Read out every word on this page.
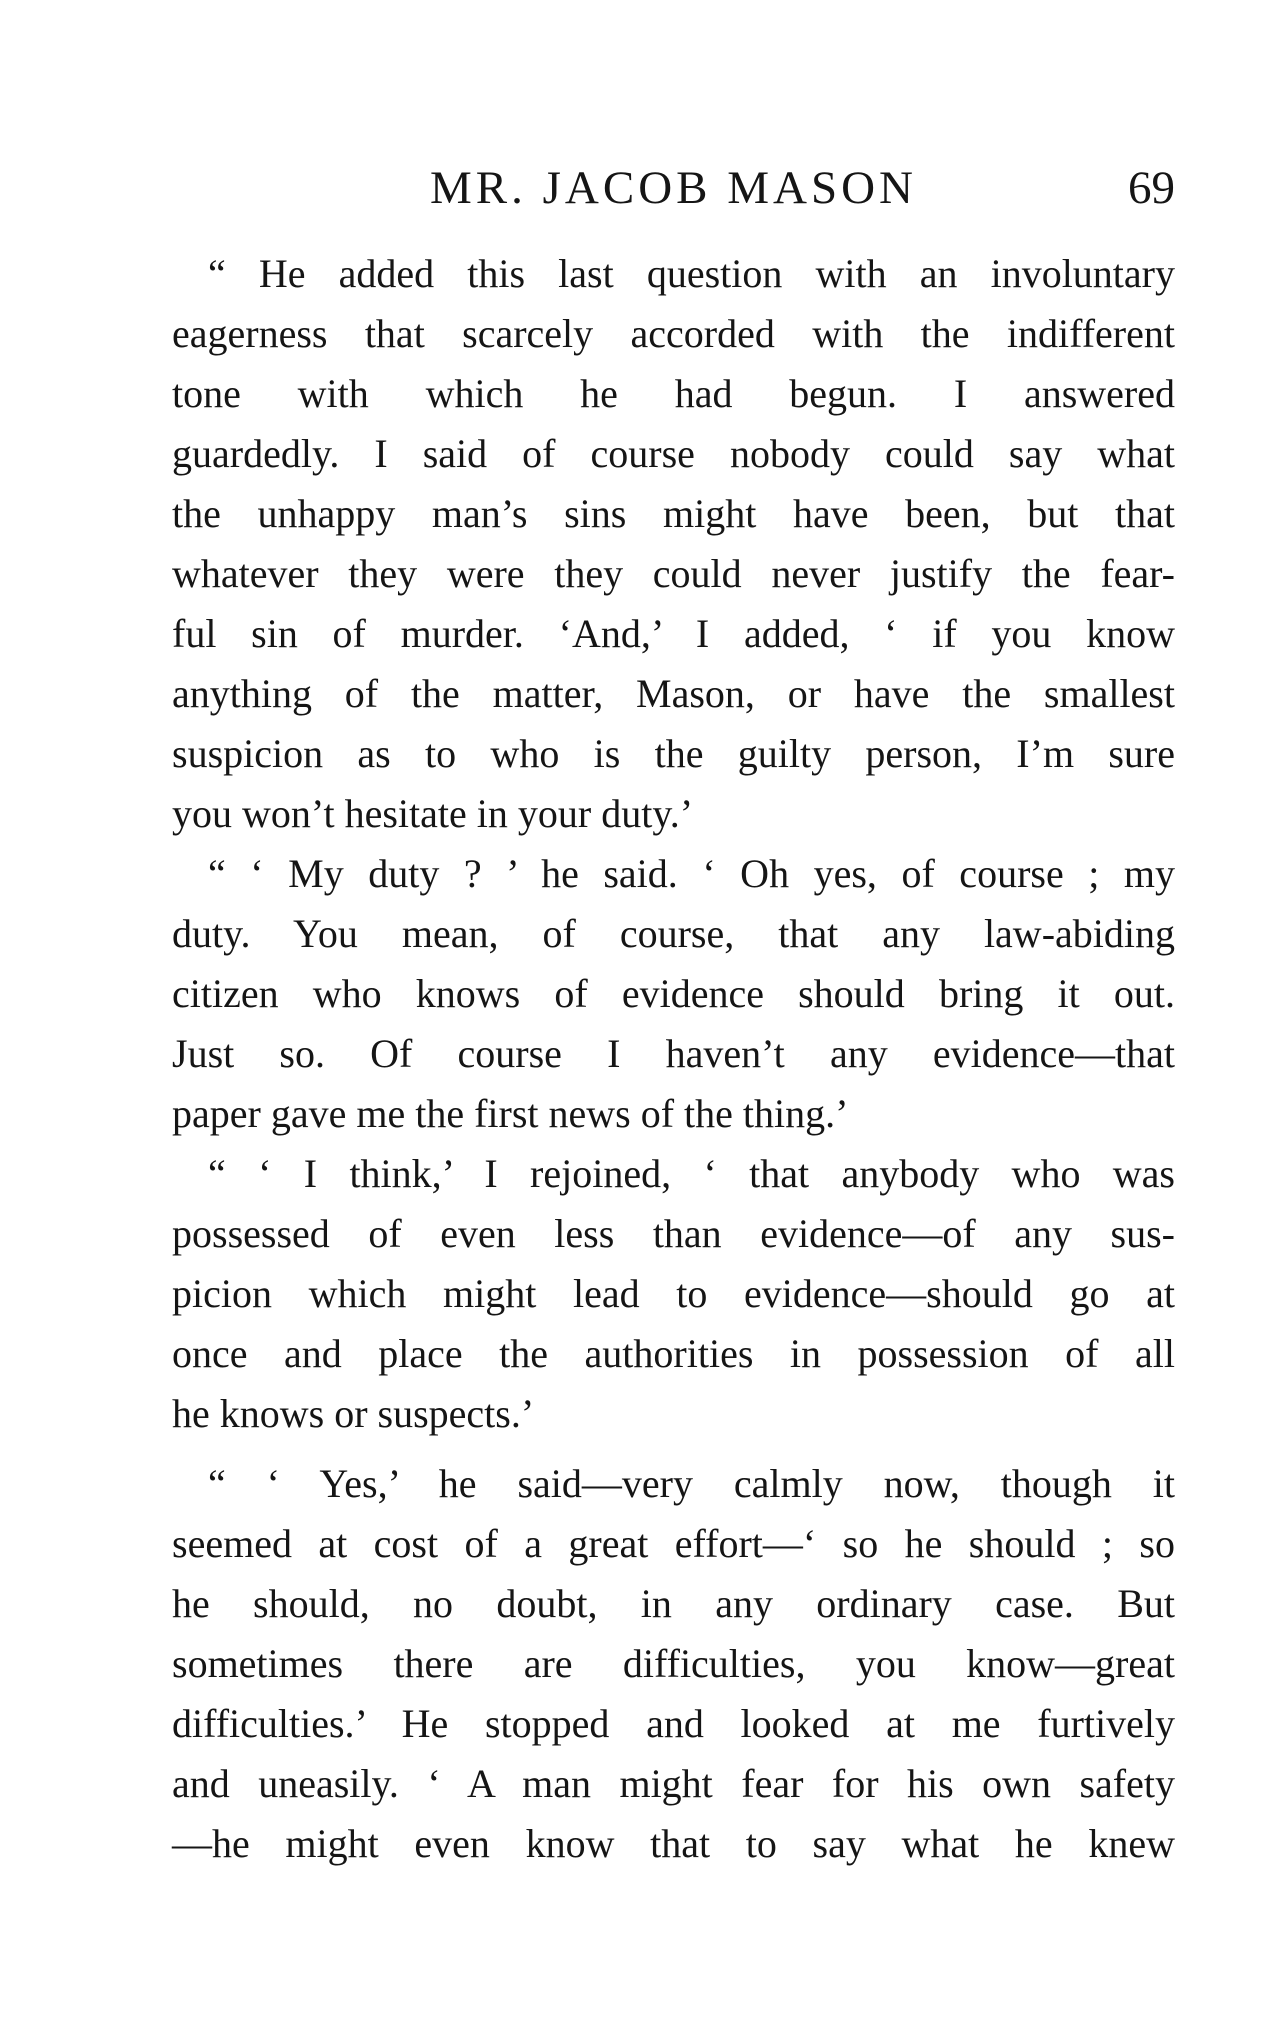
MR. JACOB MASON	69
“ He added this last question with an involuntary
eagerness that scarcely accorded with the indifferent
tone with which he had begun. I answered
guardedly. I said of course nobody could say what
the unhappy man’s sins might have been, but that
whatever they were they could never justify the fear-
ful sin of murder. ‘And,’ I added, ‘ if you know
anything of the matter, Mason, or have the smallest
suspicion as to who is the guilty person, I’m sure
you won’t hesitate in your duty.’
“ ‘ My duty ? ’ he said. ‘ Oh yes, of course ; my
duty. You mean, of course, that any law-abiding
citizen who knows of evidence should bring it out.
Just so. Of course I haven’t any evidence—that
paper gave me the first news of the thing.’
“ ‘ I think,’ I rejoined, ‘ that anybody who was
possessed of even less than evidence—of any sus-
picion which might lead to evidence—should go at
once and place the authorities in possession of all
he knows or suspects.’
“ ‘ Yes,’ he said—very calmly now, though it
seemed at cost of a great effort—‘ so he should ; so
he should, no doubt, in any ordinary case. But
sometimes there are difficulties, you know—great
difficulties.’ He stopped and looked at me furtively
and uneasily. ‘ A man might fear for his own safety
—he might even know that to say what he knew
